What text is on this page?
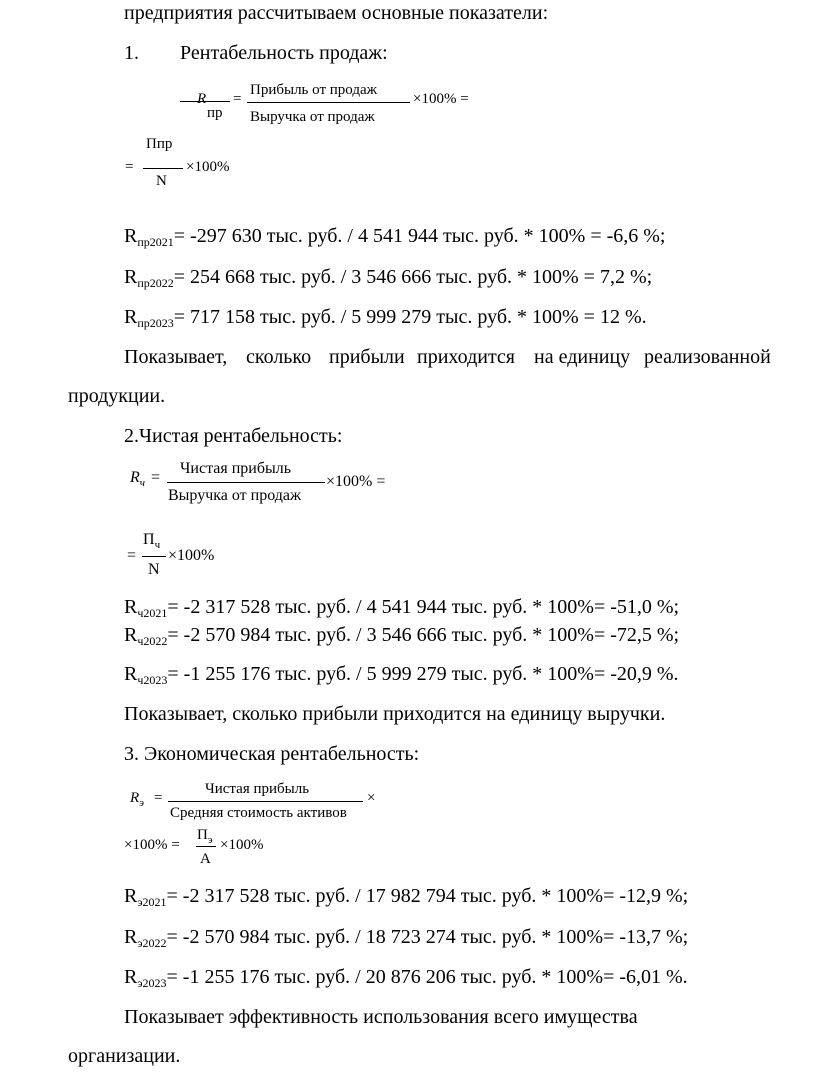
предприятия рассчитываем основные показатели:
1. Рентабельность продаж:
R
пр
=
Прибыль от продаж
Выручка от продаж
×100% =
=
Ппр
N
×100%
$R_{пр2021}= -297$ 630 тыс. руб. / 4 541 944 тыс. руб. * 100% = -6,6 %;
$R_{пр2022}= 254$ 668 тыс. руб. / 3 546 666 тыс. руб. * 100% = 7,2 %;
$R_{пр2023}= 717$ 158 тыс. руб. / 5 999 279 тыс. руб. * 100% = 12 %.
Показывает, сколько прибыли приходится на единицу реализованной
продукции.
2.Чистая рентабельность:
$R_ч$ =
Чистая прибыль
Выручка от продаж
×100% =
=
$П_ч$
N
×100%
$R_{ч2021}= -2$ 317 528 тыс. руб. / 4 541 944 тыс. руб. * 100%= -51,0 %;
$R_{ч2022}= -2$ 570 984 тыс. руб. / 3 546 666 тыс. руб. * 100%= -72,5 %;
$R_{ч2023}= -1$ 255 176 тыс. руб. / 5 999 279 тыс. руб. * 100%= -20,9 %.
Показывает, сколько прибыли приходится на единицу выручки.
3. Экономическая рентабельность:
$R_э$ =
Чистая прибыль
Средняя стоимость активов
×
×100% =
$П_э$
A
×100%
$R_{э2021}= -2$ 317 528 тыс. руб. / 17 982 794 тыс. руб. * 100%= -12,9 %;
$R_{э2022}= -2$ 570 984 тыс. руб. / 18 723 274 тыс. руб. * 100%= -13,7 %;
$R_{э2023}= -1$ 255 176 тыс. руб. / 20 876 206 тыс. руб. * 100%= -6,01 %.
Показывает эффективность использования всего имущества
организации.
